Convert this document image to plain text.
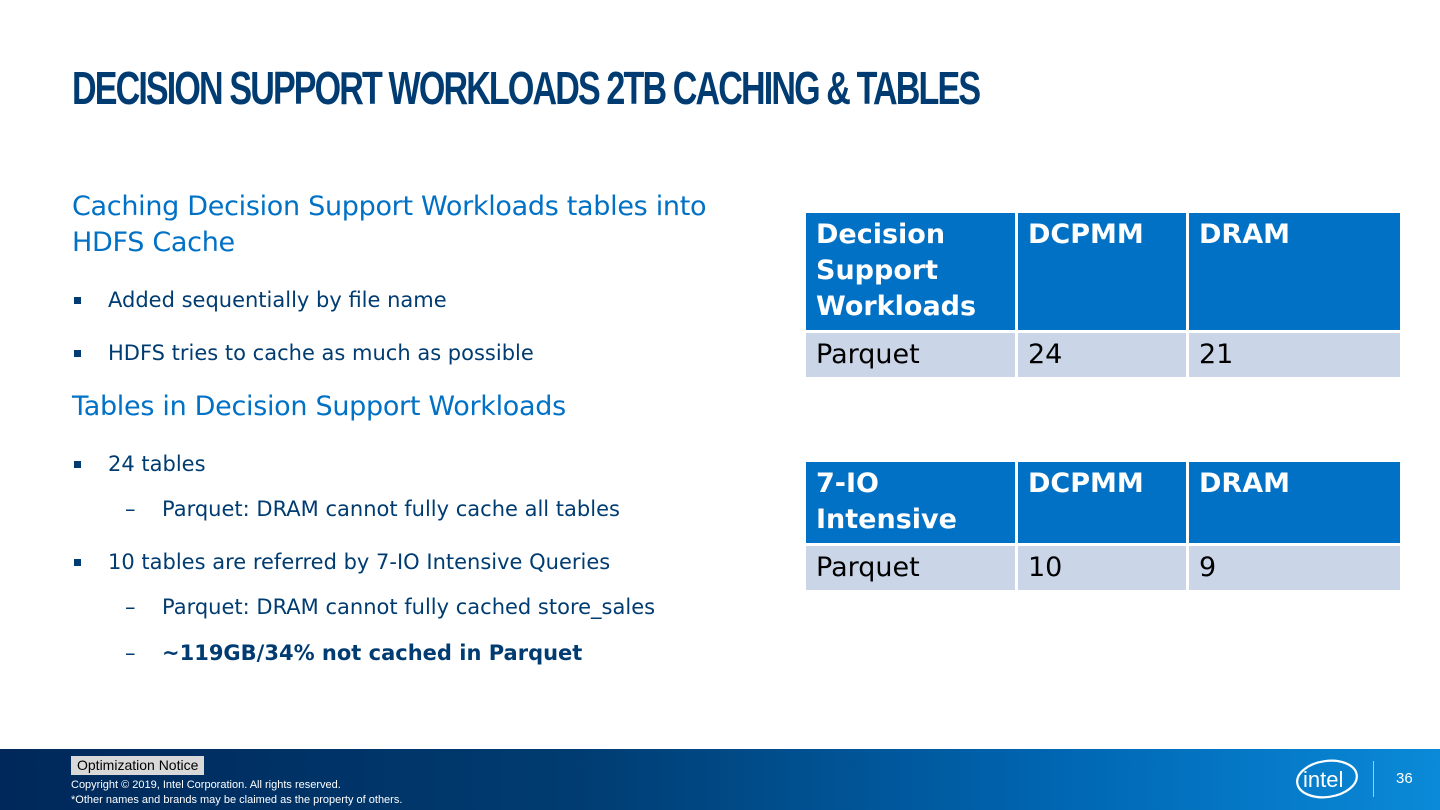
DECISION SUPPORT WORKLOADS 2TB CACHING & TABLES
Caching Decision Support Workloads tables into HDFS Cache
Added sequentially by file name
HDFS tries to cache as much as possible
Tables in Decision Support Workloads
24 tables
– Parquet: DRAM cannot fully cache all tables
10 tables are referred by 7-IO Intensive Queries
– Parquet: DRAM cannot fully cached store_sales
– ~119GB/34% not cached in Parquet
Decision Support Workloads	DCPMM	DRAM
Parquet	24	21
7-IO Intensive	DCPMM	DRAM
Parquet	10	9
Optimization Notice
Copyright © 2019, Intel Corporation. All rights reserved.
*Other names and brands may be claimed as the property of others.
intel	36
